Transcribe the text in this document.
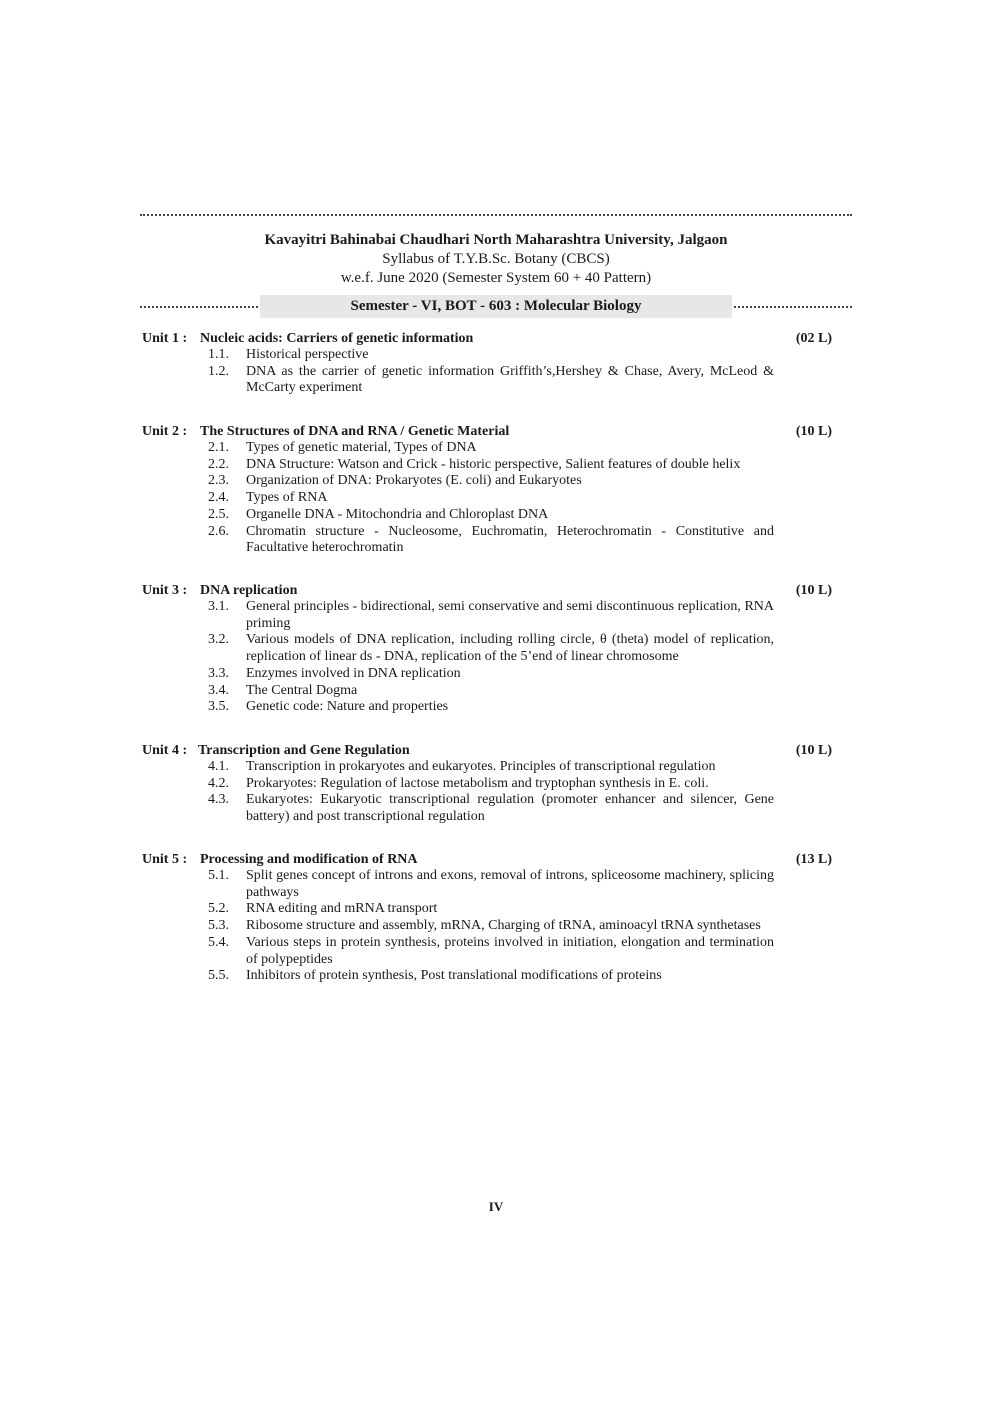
Kavayitri Bahinabai Chaudhari North Maharashtra University, Jalgaon
Syllabus of T.Y.B.Sc. Botany (CBCS)
w.e.f. June 2020 (Semester System 60 + 40 Pattern)
Semester - VI, BOT - 603 : Molecular Biology
Unit 1 : Nucleic acids: Carriers of genetic information	(02 L)
1.1. Historical perspective
1.2. DNA as the carrier of genetic information Griffith’s,Hershey & Chase, Avery, McLeod & McCarty experiment
Unit 2 : The Structures of DNA and RNA / Genetic Material	(10 L)
2.1. Types of genetic material, Types of DNA
2.2. DNA Structure: Watson and Crick - historic perspective, Salient features of double helix
2.3. Organization of DNA: Prokaryotes (E. coli) and Eukaryotes
2.4. Types of RNA
2.5. Organelle DNA - Mitochondria and Chloroplast DNA
2.6. Chromatin structure - Nucleosome, Euchromatin, Heterochromatin - Constitutive and Facultative heterochromatin
Unit 3 : DNA replication	(10 L)
3.1. General principles - bidirectional, semi conservative and semi discontinuous replication, RNA priming
3.2. Various models of DNA replication, including rolling circle, θ (theta) model of replication, replication of linear ds - DNA, replication of the 5’end of linear chromosome
3.3. Enzymes involved in DNA replication
3.4. The Central Dogma
3.5. Genetic code: Nature and properties
Unit 4 : Transcription and Gene Regulation	(10 L)
4.1. Transcription in prokaryotes and eukaryotes. Principles of transcriptional regulation
4.2. Prokaryotes: Regulation of lactose metabolism and tryptophan synthesis in E. coli.
4.3. Eukaryotes: Eukaryotic transcriptional regulation (promoter enhancer and silencer, Gene battery) and post transcriptional regulation
Unit 5 : Processing and modification of RNA	(13 L)
5.1. Split genes concept of introns and exons, removal of introns, spliceosome machinery, splicing pathways
5.2. RNA editing and mRNA transport
5.3. Ribosome structure and assembly, mRNA, Charging of tRNA, aminoacyl tRNA synthetases
5.4. Various steps in protein synthesis, proteins involved in initiation, elongation and termination of polypeptides
5.5. Inhibitors of protein synthesis, Post translational modifications of proteins
IV
